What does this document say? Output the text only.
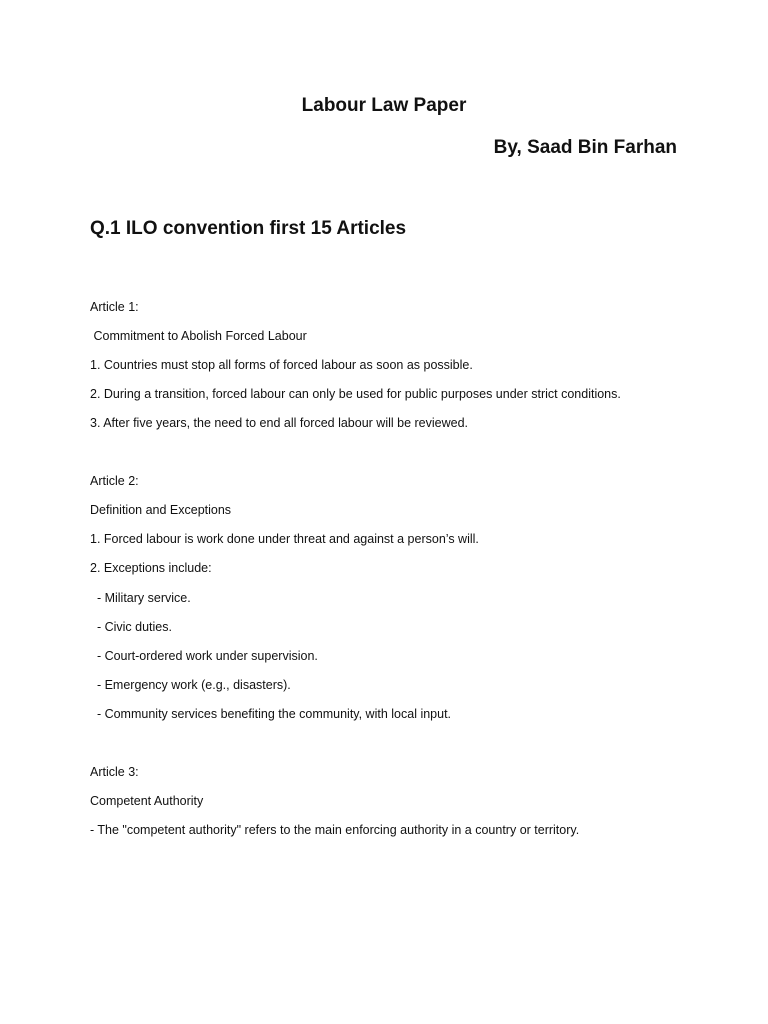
Labour Law Paper
By, Saad Bin Farhan
Q.1 ILO convention first 15 Articles
Article 1:
Commitment to Abolish Forced Labour
1. Countries must stop all forms of forced labour as soon as possible.
2. During a transition, forced labour can only be used for public purposes under strict conditions.
3. After five years, the need to end all forced labour will be reviewed.
Article 2:
Definition and Exceptions
1. Forced labour is work done under threat and against a person’s will.
2. Exceptions include:
- Military service.
- Civic duties.
- Court-ordered work under supervision.
- Emergency work (e.g., disasters).
- Community services benefiting the community, with local input.
Article 3:
Competent Authority
- The "competent authority" refers to the main enforcing authority in a country or territory.
